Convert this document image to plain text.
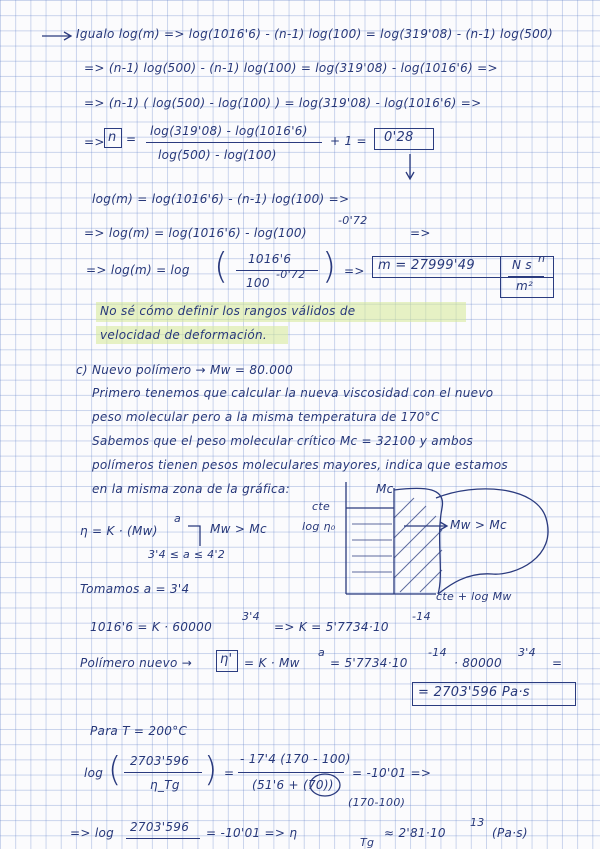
Igualo log(m) => log(1016'6) - (n-1) log(100) = log(319'08) - (n-1) log(500)
=> (n-1) log(500) - (n-1) log(100) = log(319'08) - log(1016'6) =>
=> (n-1) ( log(500) - log(100) ) = log(319'08) - log(1016'6) =>
=> n =
log(319'08) - log(1016'6)
log(500) - log(100)
+ 1 = 0'28
log(m) = log(1016'6) - (n-1) log(100) =>
=> log(m) = log(1016'6) - log(100)
-0'72
=>
=> log(m) = log ( 1016'6
100
-0'72 ) => m = 27999'49	N s n
m²
No sé cómo definir los rangos válidos de
velocidad de deformación.
c) Nuevo polímero → Mw = 80.000
Primero tenemos que calcular la nueva viscosidad con el nuevo
peso molecular pero a la misma temperatura de 170°C
Sabemos que el peso molecular crítico Mc = 32100 y ambos
polímeros tienen pesos moleculares mayores, indica que estamos
en la misma zona de la gráfica:	Mc
Mw > Mc
cte
log η₀
cte + log Mw
η = K · (Mw)
a
Mw > Mc
3'4 ≤ a ≤ 4'2
Tomamos a = 3'4
1016'6 = K · 60000
3'4
=> K = 5'7734·10
-14
Polímero nuevo → η' = K · Mw
a
= 5'7734·10
-14
· 80000
3'4
=
= 2703'596 Pa·s
Para T = 200°C
log ( 2703'596
η_Tg ) =
- 17'4 (170 - 100)
(51'6 + (70))
= -10'01 =>
(170-100)
=> log 2703'596 = -10'01 => η
Tg
≈ 2'81·10
13
(Pa·s)
